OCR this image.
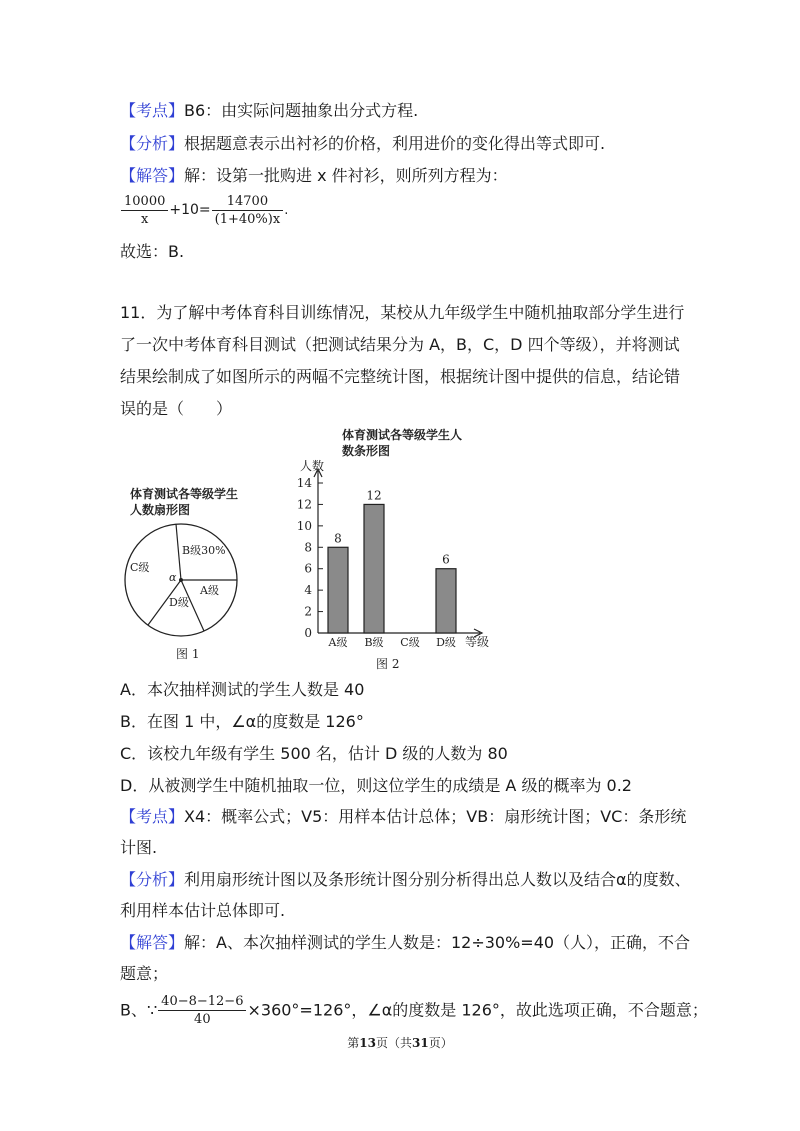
【考点】B6：由实际问题抽象出分式方程.
【分析】根据题意表示出衬衫的价格，利用进价的变化得出等式即可.
【解答】解：设第一批购进 x 件衬衫，则所列方程为：
$\frac{10000}{x} +10= \frac{14700}{(1+40\%)x}$ .
故选：B.
11．为了解中考体育科目训练情况，某校从九年级学生中随机抽取部分学生进行
了一次中考体育科目测试（把测试结果分为 A，B，C，D 四个等级），并将测试
结果绘制成了如图所示的两幅不完整统计图，根据统计图中提供的信息，结论错
误的是（　　）
体育测试各等级学生
人数扇形图
B级30%
C级
α
A级
D级
图 1
体育测试各等级学生人
数条形图
人数
等级
图 2
0
2
4
6
8
10
12
14
8
A级
12
B级 C级
6
D级
A．本次抽样测试的学生人数是 40
B．在图 1 中，∠α的度数是 126°
C．该校九年级有学生 500 名，估计 D 级的人数为 80
D．从被测学生中随机抽取一位，则这位学生的成绩是 A 级的概率为 0.2
【考点】X4：概率公式；V5：用样本估计总体；VB：扇形统计图；VC：条形统
计图.
【分析】利用扇形统计图以及条形统计图分别分析得出总人数以及结合α的度数、
利用样本估计总体即可.
【解答】解：A、本次抽样测试的学生人数是：12÷30%=40（人），正确，不合
题意；
B、∵ $\frac{40-8-12-6}{40} \times 360^\circ=126^\circ$，∠α的度数是 126°，故此选项正确，不合题意；
第13页（共31页）
